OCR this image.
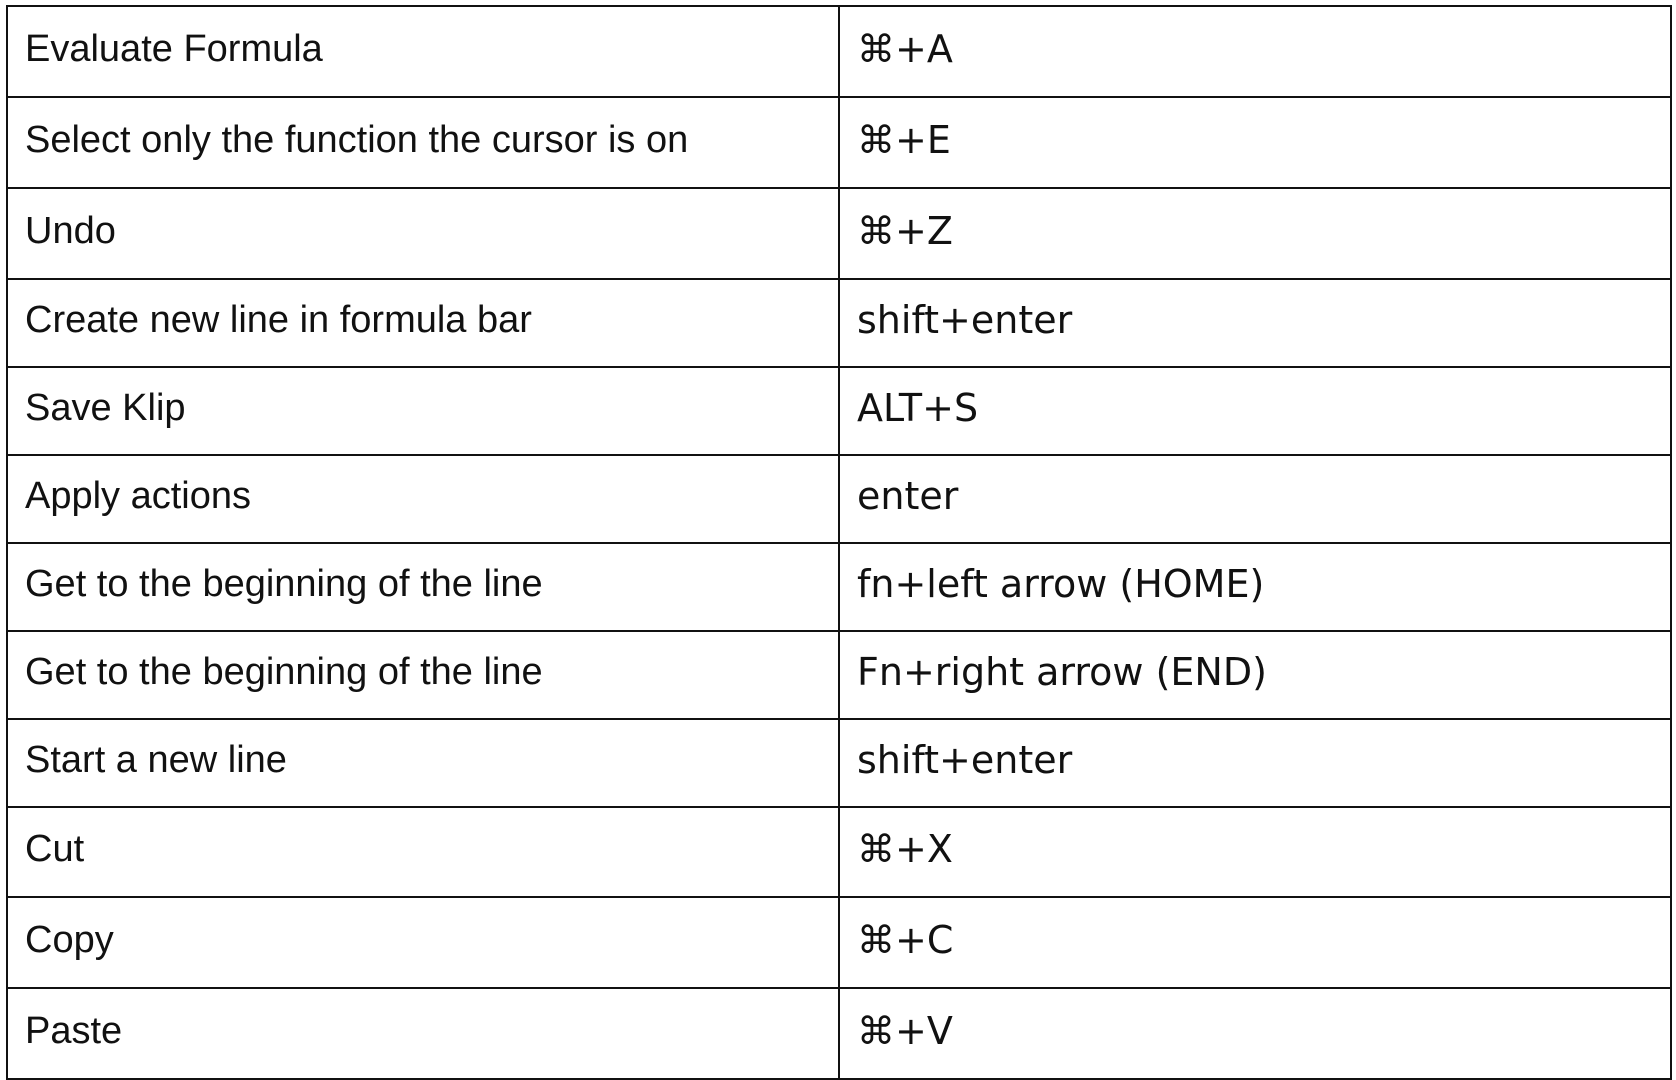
Evaluate Formula	⌘+A
Select only the function the cursor is on	⌘+E
Undo	⌘+Z
Create new line in formula bar	shift+enter
Save Klip	ALT+S
Apply actions	enter
Get to the beginning of the line	fn+left arrow (HOME)
Get to the beginning of the line	Fn+right arrow (END)
Start a new line	shift+enter
Cut	⌘+X
Copy	⌘+C
Paste	⌘+V
